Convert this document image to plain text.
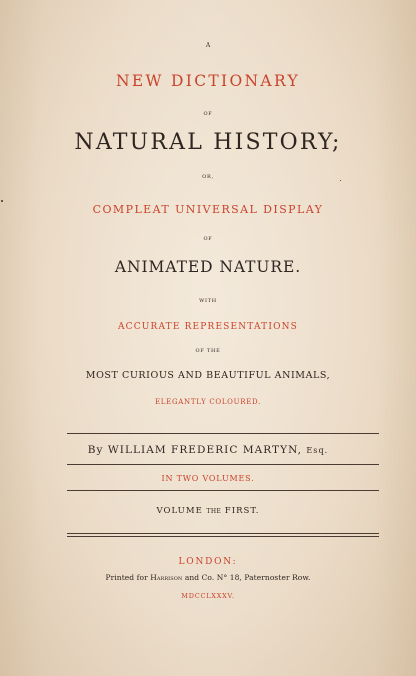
A
NEW DICTIONARY
OF
NATURAL HISTORY;
OR,
COMPLEAT UNIVERSAL DISPLAY
OF
ANIMATED NATURE.
WITH
ACCURATE REPRESENTATIONS
OF THE
MOST CURIOUS AND BEAUTIFUL ANIMALS,
ELEGANTLY COLOURED.
By WILLIAM FREDERIC MARTYN, Esq.
IN TWO VOLUMES.
VOLUME THE FIRST.
LONDON:
Printed for Harrison and Co. N° 18, Paternoster Row.
MDCCLXXXV.
